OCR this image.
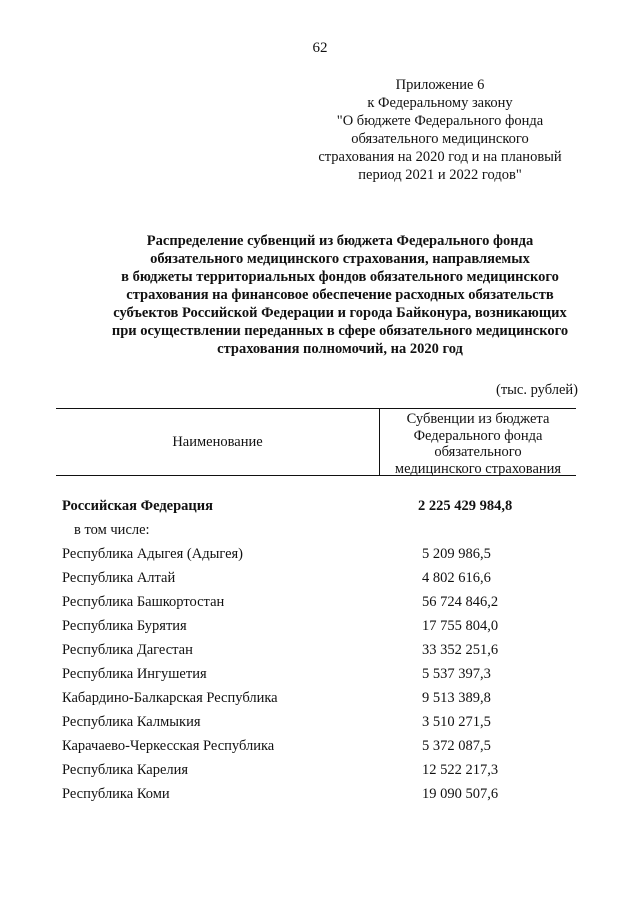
62
Приложение 6
к Федеральному закону
"О бюджете Федерального фонда
обязательного медицинского
страхования на 2020 год и на плановый
период 2021 и 2022 годов"
Распределение субвенций из бюджета Федерального фонда
обязательного медицинского страхования, направляемых
в бюджеты территориальных фондов обязательного медицинского
страхования на финансовое обеспечение расходных обязательств
субъектов Российской Федерации и города Байконура, возникающих
при осуществлении переданных в сфере обязательного медицинского
страхования полномочий, на 2020 год
(тыс. рублей)
Наименование
Субвенции из бюджета
Федерального фонда
обязательного
медицинского страхования
Российская Федерация	2 225 429 984,8
в том числе:
Республика Адыгея (Адыгея)	5 209 986,5
Республика Алтай	4 802 616,6
Республика Башкортостан	56 724 846,2
Республика Бурятия	17 755 804,0
Республика Дагестан	33 352 251,6
Республика Ингушетия	5 537 397,3
Кабардино-Балкарская Республика	9 513 389,8
Республика Калмыкия	3 510 271,5
Карачаево-Черкесская Республика	5 372 087,5
Республика Карелия	12 522 217,3
Республика Коми	19 090 507,6
